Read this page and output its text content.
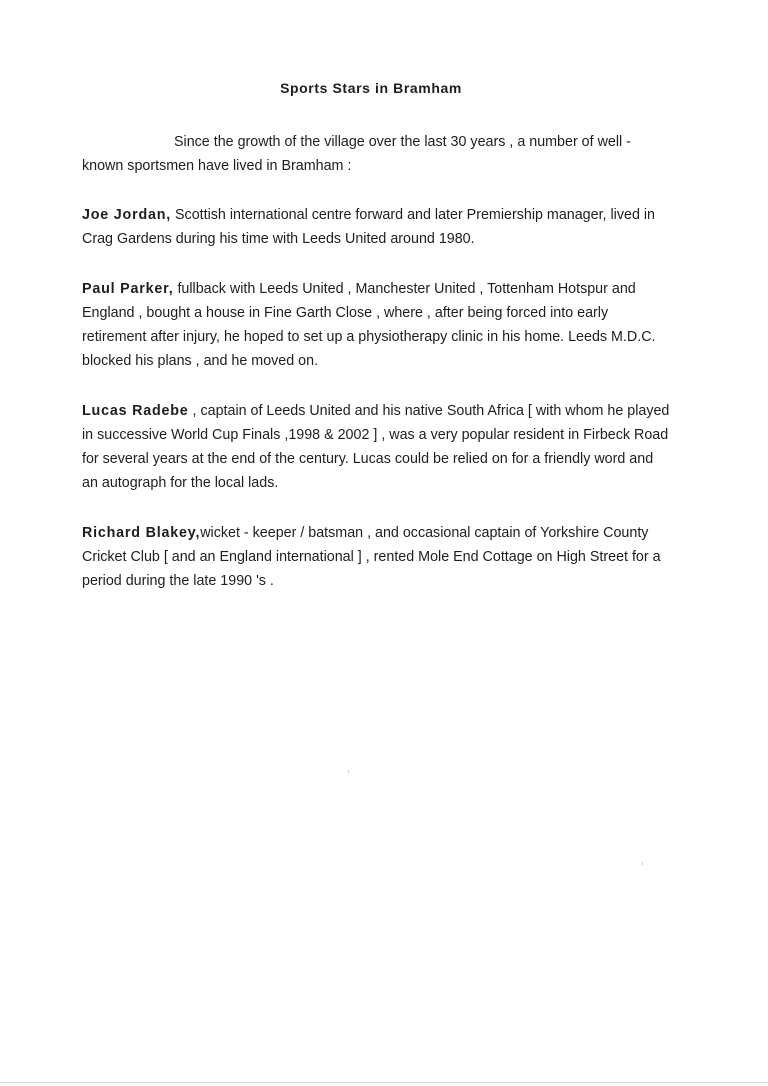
Sports Stars in Bramham

Since the growth of the village over the last 30 years , a number of well - known sportsmen have lived in Bramham :

Joe Jordan, Scottish international centre forward and later Premiership manager, lived in Crag Gardens during his time with Leeds United around 1980.

Paul Parker, fullback with Leeds United , Manchester United , Tottenham Hotspur and England , bought a house in Fine Garth Close , where , after being forced into early retirement after injury, he hoped to set up a physiotherapy clinic in his home. Leeds M.D.C. blocked his plans , and he moved on.

Lucas Radebe , captain of Leeds United and his native South Africa [ with whom he played in successive World Cup Finals ,1998 & 2002 ] , was a very popular resident in Firbeck Road for several years at the end of the century. Lucas could be relied on for a friendly word and an autograph for the local lads.

Richard Blakey,wicket - keeper / batsman , and occasional captain of Yorkshire County Cricket Club [ and an England international ] , rented Mole End Cottage on High Street for a period during the late 1990 's .
